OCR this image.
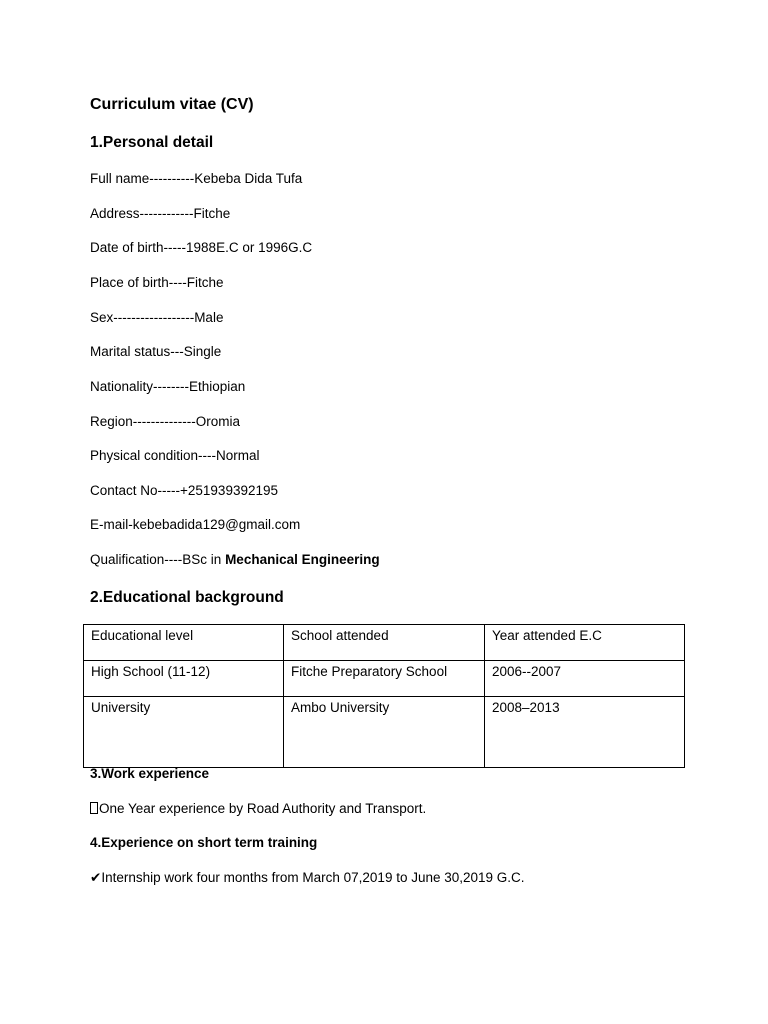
Curriculum vitae (CV)
1.Personal detail
Full name----------Kebeba Dida Tufa
Address------------Fitche
Date of birth-----1988E.C or 1996G.C
Place of birth----Fitche
Sex------------------Male
Marital status---Single
Nationality--------Ethiopian
Region--------------Oromia
Physical condition----Normal
Contact No-----+251939392195
E-mail-kebebadida129@gmail.com
Qualification----BSc in Mechanical Engineering
2.Educational background
Educational level	School attended	Year attended E.C
High School (11-12)	Fitche Preparatory School	2006--2007
University	Ambo University	2008–2013
3.Work experience
One Year experience by Road Authority and Transport.
4.Experience on short term training
✔Internship work four months from March 07,2019 to June 30,2019 G.C.
